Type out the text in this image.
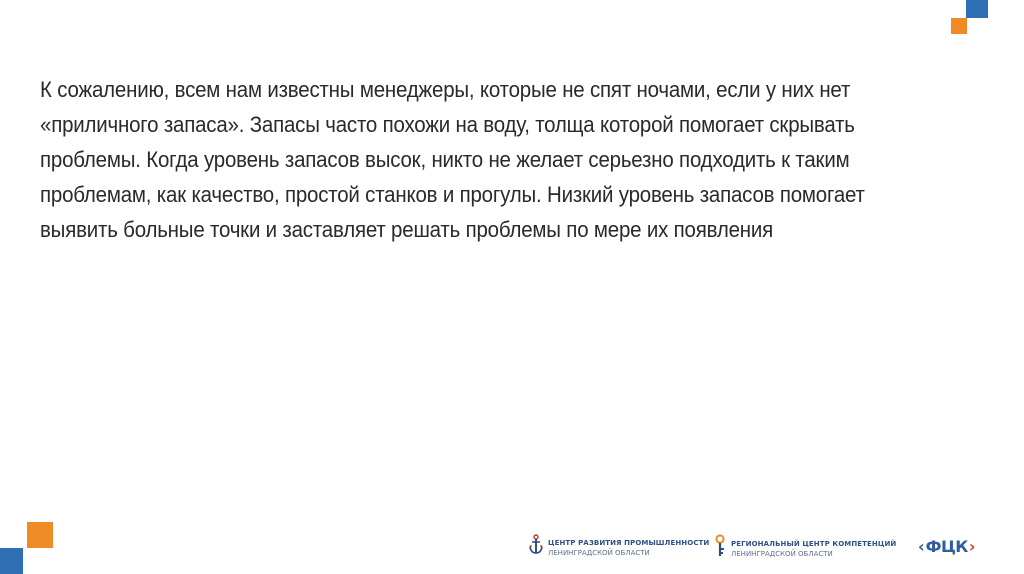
К сожалению, всем нам известны менеджеры, которые не спят ночами, если у них нет «приличного запаса». Запасы часто похожи на воду, толща которой помогает скрывать проблемы. Когда уровень запасов высок, никто не желает серьезно подходить к таким проблемам, как качество, простой станков и прогулы. Низкий уровень запасов помогает выявить больные точки и заставляет решать проблемы по мере их появления

ЦЕНТР РАЗВИТИЯ ПРОМЫШЛЕННОСТИ
ЛЕНИНГРАДСКОЙ ОБЛАСТИ
РЕГИОНАЛЬНЫЙ ЦЕНТР КОМПЕТЕНЦИЙ
ЛЕНИНГРАДСКОЙ ОБЛАСТИ	‹ ФЦК ›
